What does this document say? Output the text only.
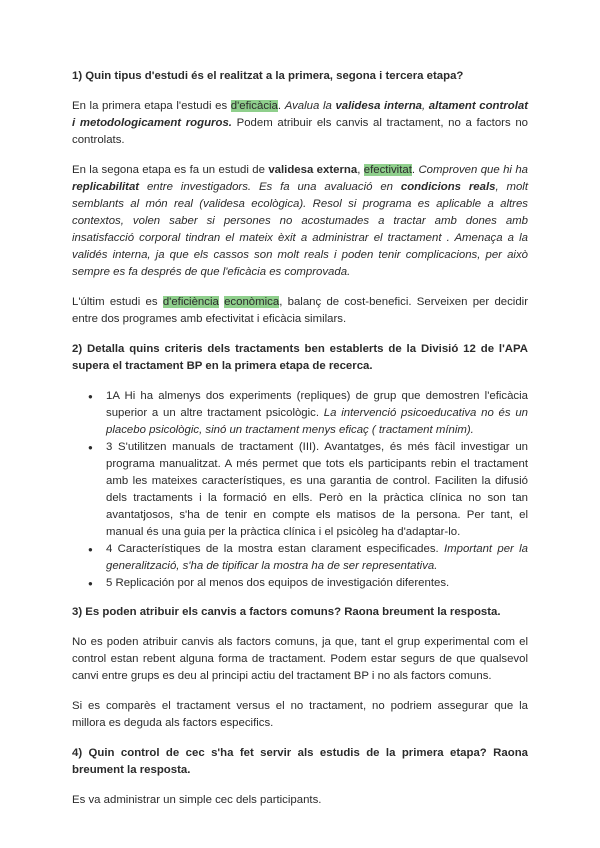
1) Quin tipus d'estudi és el realitzat a la primera, segona i tercera etapa?

En la primera etapa l'estudi es d'eficàcia. Avalua la validesa interna, altament controlat i metodologicament roguros. Podem atribuir els canvis al tractament, no a factors no controlats.

En la segona etapa es fa un estudi de validesa externa, efectivitat. Comproven que hi ha replicabilitat entre investigadors. Es fa una avaluació en condicions reals, molt semblants al món real (validesa ecològica). Resol si programa es aplicable a altres contextos, volen saber si persones no acostumades a tractar amb dones amb insatisfacció corporal tindran el mateix èxit a administrar el tractament . Amenaça a la validés interna, ja que els cassos son molt reals i poden tenir complicacions, per això sempre es fa després de que l'eficàcia es comprovada.

L'últim estudi es d'eficiència econòmica, balanç de cost-benefici. Serveixen per decidir entre dos programes amb efectivitat i eficàcia similars.

2) Detalla quins criteris dels tractaments ben establerts de la Divisió 12 de l'APA supera el tractament BP en la primera etapa de recerca.

● 1A Hi ha almenys dos experiments (repliques) de grup que demostren l'eficàcia superior a un altre tractament psicològic. La intervenció psicoeducativa no és un placebo psicològic, sinó un tractament menys eficaç ( tractament mínim).
● 3 S'utilitzen manuals de tractament (III). Avantatges, és més fàcil investigar un programa manualitzat. A més permet que tots els participants rebin el tractament amb les mateixes característiques, es una garantia de control. Faciliten la difusió dels tractaments i la formació en ells. Però en la pràctica clínica no son tan avantatjosos, s'ha de tenir en compte els matisos de la persona. Per tant, el manual és una guia per la pràctica clínica i el psicòleg ha d'adaptar-lo.
● 4 Característiques de la mostra estan clarament especificades. Important per la generalització, s'ha de tipificar la mostra ha de ser representativa.
● 5 Replicación por al menos dos equipos de investigación diferentes.

3) Es poden atribuir els canvis a factors comuns? Raona breument la resposta.

No es poden atribuir canvis als factors comuns, ja que, tant el grup experimental com el control estan rebent alguna forma de tractament. Podem estar segurs de que qualsevol canvi entre grups es deu al principi actiu del tractament BP i no als factors comuns.

Si es comparès el tractament versus el no tractament, no podriem assegurar que la millora es deguda als factors especifics.

4) Quin control de cec s'ha fet servir als estudis de la primera etapa? Raona breument la resposta.

Es va administrar un simple cec dels participants.
